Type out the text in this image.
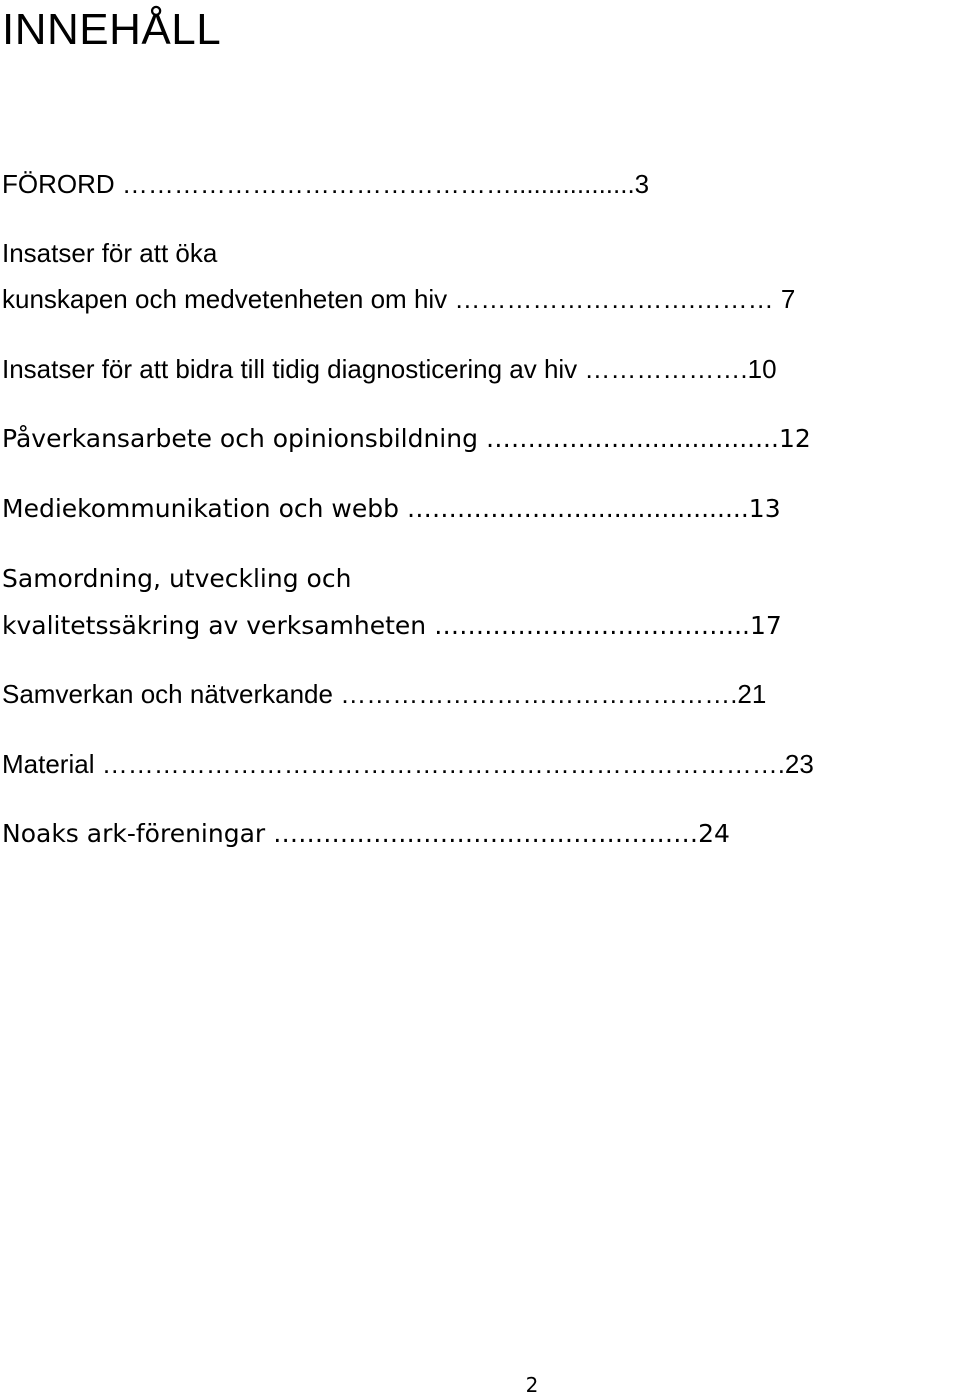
INNEHÅLL
FÖRORD ……………………………………….................3
Insatser för att öka
kunskapen och medvetenheten om hiv ……………………….……… 7
Insatser för att bidra till tidig diagnosticering av hiv ……………….10
Påverkansarbete och opinionsbildning ………………..................12
Mediekommunikation och webb ………………….....................13
Samordning, utveckling och
kvalitetssäkring av verksamheten ………………………………..17
Samverkan och nätverkande ……………………………………….21
Material …………………………………………………………………….23
Noaks ark-föreningar ……………………………………………24
2
